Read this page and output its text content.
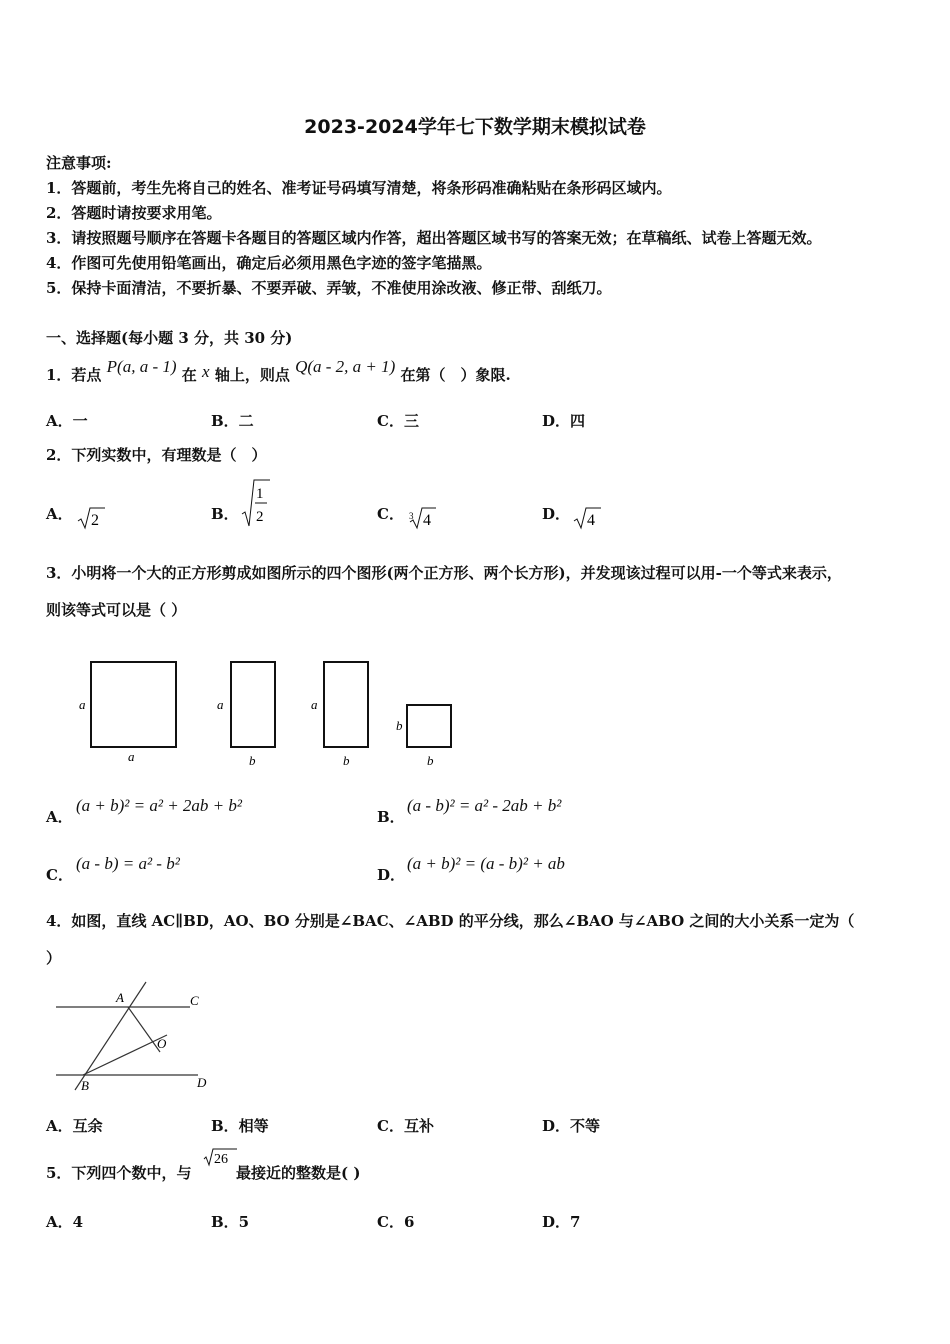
2023-2024学年七下数学期末模拟试卷
注意事项:
1．答题前，考生先将自己的姓名、准考证号码填写清楚，将条形码准确粘贴在条形码区域内。
2．答题时请按要求用笔。
3．请按照题号顺序在答题卡各题目的答题区域内作答，超出答题区域书写的答案无效；在草稿纸、试卷上答题无效。
4．作图可先使用铅笔画出，确定后必须用黑色字迹的签字笔描黑。
5．保持卡面清洁，不要折暴、不要弄破、弄皱，不准使用涂改液、修正带、刮纸刀。
一、选择题(每小题 3 分，共 30 分)
1．若点 P(a, a - 1) 在 x 轴上，则点 Q(a - 2, a + 1) 在第（　）象限.
A．一	B．二	C．三	D．四
2．下列实数中，有理数是（　）
A． 2	B．
1
2	C． 3 4	D． 4
3．小明将一个大的正方形剪成如图所示的四个图形(两个正方形、两个长方形)，并发现该过程可以用-一个等式来表示，
则该等式可以是（ ）
a
a
a
b
a
b
b
b
A．
(a + b)² = a² + 2ab + b²
B．
(a - b)² = a² - 2ab + b²
C．
(a - b) = a² - b²
D．
(a + b)² = (a - b)² + ab
4．如图，直线 AC∥BD，AO、BO 分别是∠BAC、∠ABD 的平分线，那么∠BAO 与∠ABO 之间的大小关系一定为（
）
A	C
O
B	D
A．互余	B．相等	C．互补	D．不等
5．下列四个数中，与
26
最接近的整数是( )
A．4	B．5	C．6	D．7
